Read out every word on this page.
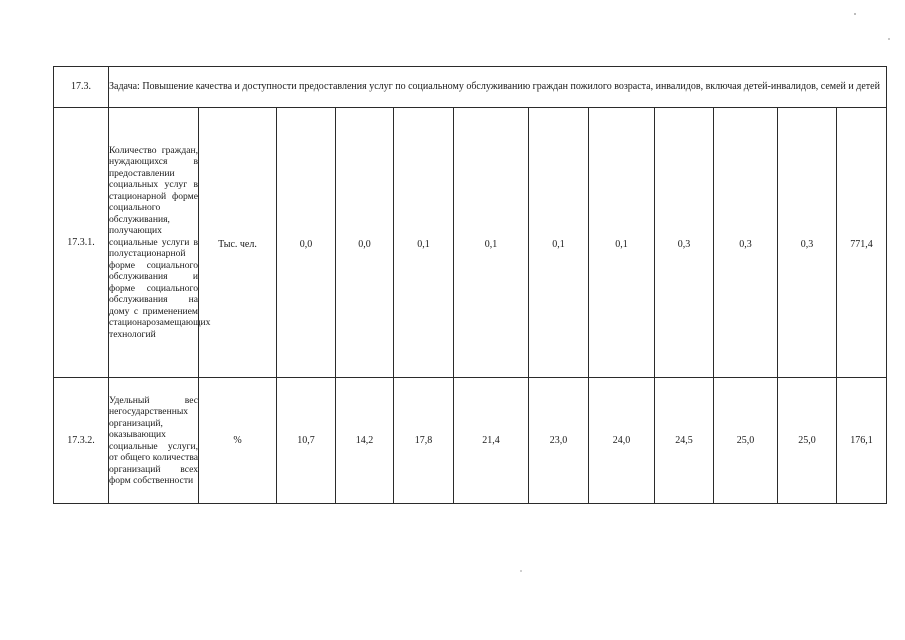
17.3.	Задача: Повышение качества и доступности предоставления услуг по социальному обслуживанию граждан пожилого возраста, инвалидов, включая детей-инвалидов, семей и детей											
17.3.1.	Количество граждан, нуждающихся в предоставлении социальных услуг в стационарной форме социального обслуживания, получающих социальные услуги в полустационарной форме социального обслуживания и форме социального обслуживания на дому с применением стационарозамещающих технологий	Тыс. чел.	0,0	0,0	0,1	0,1	0,1	0,1	0,3	0,3	0,3	771,4
17.3.2.	Удельный вес негосударственных организаций, оказывающих социальные услуги, от общего количества организаций всех форм собственности	%	10,7	14,2	17,8	21,4	23,0	24,0	24,5	25,0	25,0	176,1
